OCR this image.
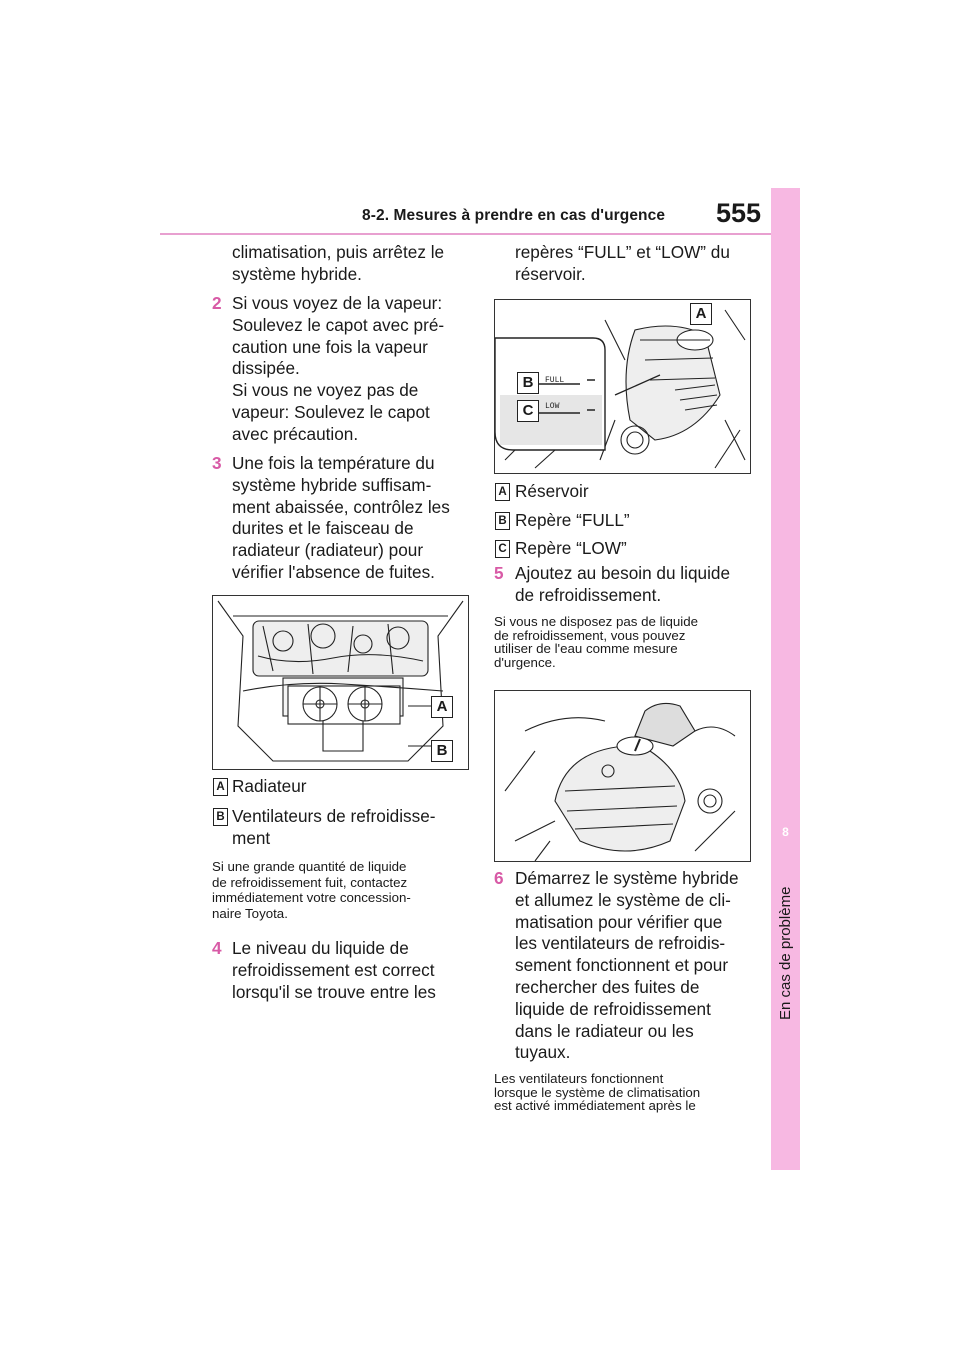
8-2. Mesures à prendre en cas d'urgence 555
8
En cas de problème
climatisation, puis arrêtez le
système hybride.
2 Si vous voyez de la vapeur:
Soulevez le capot avec pré-
caution une fois la vapeur
dissipée.
Si vous ne voyez pas de
vapeur: Soulevez le capot
avec précaution.
3 Une fois la température du
système hybride suffisam-
ment abaissée, contrôlez les
durites et le faisceau de
radiateur (radiateur) pour
vérifier l'absence de fuites.
A
B
A Radiateur
B Ventilateurs de refroidisse-
ment
Si une grande quantité de liquide
de refroidissement fuit, contactez
immédiatement votre concession-
naire Toyota.
4 Le niveau du liquide de
refroidissement est correct
lorsqu'il se trouve entre les
repères “FULL” et “LOW” du
réservoir.
FULL
LOW
A
B
C
A Réservoir
B Repère “FULL”
C Repère “LOW”
5 Ajoutez au besoin du liquide
de refroidissement.
Si vous ne disposez pas de liquide
de refroidissement, vous pouvez
utiliser de l'eau comme mesure
d'urgence.
6 Démarrez le système hybride
et allumez le système de cli-
matisation pour vérifier que
les ventilateurs de refroidis-
sement fonctionnent et pour
rechercher des fuites de
liquide de refroidissement
dans le radiateur ou les
tuyaux.
Les ventilateurs fonctionnent
lorsque le système de climatisation
est activé immédiatement après le
